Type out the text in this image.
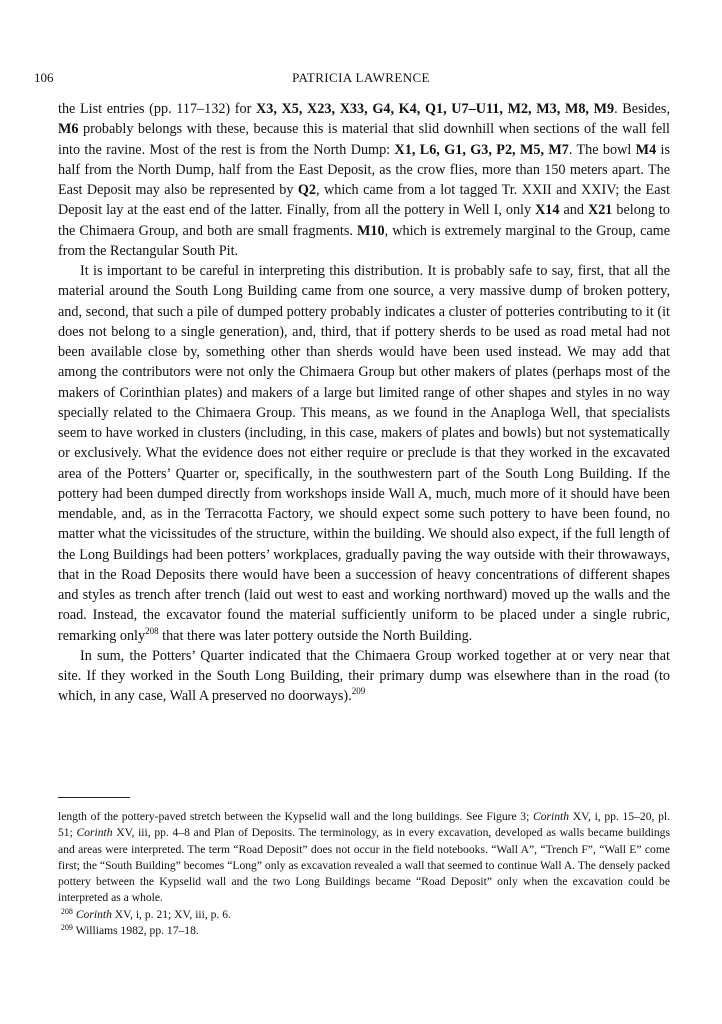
106	PATRICIA LAWRENCE

the List entries (pp. 117–132) for X3, X5, X23, X33, G4, K4, Q1, U7–U11, M2, M3, M8, M9. Besides, M6 probably belongs with these, because this is material that slid downhill when sections of the wall fell into the ravine. Most of the rest is from the North Dump: X1, L6, G1, G3, P2, M5, M7. The bowl M4 is half from the North Dump, half from the East Deposit, as the crow flies, more than 150 meters apart. The East Deposit may also be represented by Q2, which came from a lot tagged Tr. XXII and XXIV; the East Deposit lay at the east end of the latter. Finally, from all the pottery in Well I, only X14 and X21 belong to the Chimaera Group, and both are small fragments. M10, which is extremely marginal to the Group, came from the Rectangular South Pit.

It is important to be careful in interpreting this distribution. It is probably safe to say, first, that all the material around the South Long Building came from one source, a very massive dump of broken pottery, and, second, that such a pile of dumped pottery probably indicates a cluster of potteries contributing to it (it does not belong to a single generation), and, third, that if pottery sherds to be used as road metal had not been available close by, something other than sherds would have been used instead. We may add that among the contributors were not only the Chimaera Group but other makers of plates (perhaps most of the makers of Corinthian plates) and makers of a large but limited range of other shapes and styles in no way specially related to the Chimaera Group. This means, as we found in the Anaploga Well, that specialists seem to have worked in clusters (including, in this case, makers of plates and bowls) but not systematically or exclusively. What the evidence does not either require or preclude is that they worked in the excavated area of the Potters’ Quarter or, specifically, in the southwestern part of the South Long Building. If the pottery had been dumped directly from workshops inside Wall A, much, much more of it should have been mendable, and, as in the Terracotta Factory, we should expect some such pottery to have been found, no matter what the vicissitudes of the structure, within the building. We should also expect, if the full length of the Long Buildings had been potters’ workplaces, gradually paving the way outside with their throwaways, that in the Road Deposits there would have been a succession of heavy concentrations of different shapes and styles as trench after trench (laid out west to east and working northward) moved up the walls and the road. Instead, the excavator found the material sufficiently uniform to be placed under a single rubric, remarking only$^{208}$ that there was later pottery outside the North Building.

In sum, the Potters’ Quarter indicated that the Chimaera Group worked together at or very near that site. If they worked in the South Long Building, their primary dump was elsewhere than in the road (to which, in any case, Wall A preserved no doorways).$^{209}$

length of the pottery-paved stretch between the Kypselid wall and the long buildings. See Figure 3; Corinth XV, i, pp. 15–20, pl. 51; Corinth XV, iii, pp. 4–8 and Plan of Deposits. The terminology, as in every excavation, developed as walls became buildings and areas were interpreted. The term “Road Deposit” does not occur in the field notebooks. “Wall A”, “Trench F”, “Wall E” come first; the “South Building” becomes “Long” only as excavation revealed a wall that seemed to continue Wall A. The densely packed pottery between the Kypselid wall and the two Long Buildings became “Road Deposit” only when the excavation could be interpreted as a whole.

$^{208}$ Corinth XV, i, p. 21; XV, iii, p. 6.

$^{209}$ Williams 1982, pp. 17–18.
